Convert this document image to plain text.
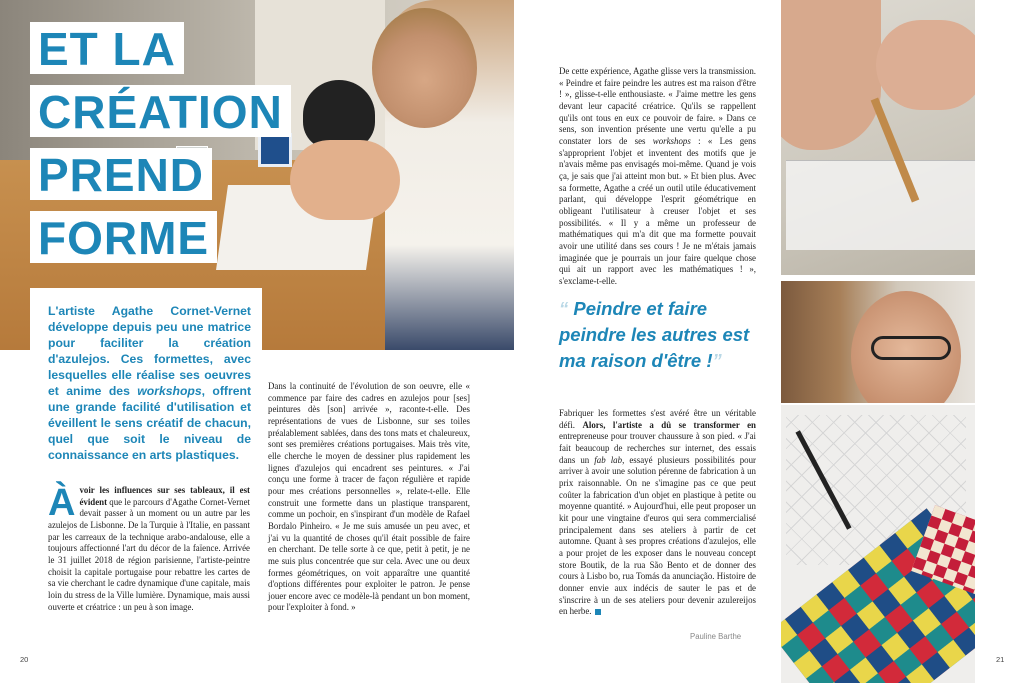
ET LA
CRÉATION
PREND
FORME
L'artiste Agathe Cornet-Vernet développe depuis peu une matrice pour faciliter la création d'azulejos. Ces formettes, avec lesquelles elle réalise ses oeuvres et anime des workshops, offrent une grande facilité d'utilisation et éveillent le sens créatif de chacun, quel que soit le niveau de connaissance en arts plastiques.
À voir les influences sur ses tableaux, il est évident que le parcours d'Agathe Cornet-Vernet devait passer à un moment ou un autre par les azulejos de Lisbonne. De la Turquie à l'Italie, en passant par les carreaux de la technique arabo-andalouse, elle a toujours affectionné l'art du décor de la faïence. Arrivée le 31 juillet 2018 de région parisienne, l'artiste-peintre choisit la capitale portugaise pour rebattre les cartes de sa vie cherchant le cadre dynamique d'une capitale, mais loin du stress de la Ville lumière. Dynamique, mais aussi ouverte et créatrice : un peu à son image.
Dans la continuité de l'évolution de son oeuvre, elle « commence par faire des cadres en azulejos pour [ses] peintures dès [son] arrivée », raconte-t-elle. Des représentations de vues de Lisbonne, sur ses toiles préalablement sablées, dans des tons mats et chaleureux, sont ses premières créations portugaises. Mais très vite, elle cherche le moyen de dessiner plus rapidement les lignes d'azulejos qui encadrent ses peintures. « J'ai conçu une forme à tracer de façon régulière et rapide pour mes créations personnelles », relate-t-elle. Elle construit une formette dans un plastique transparent, comme un pochoir, en s'inspirant d'un modèle de Rafael Bordalo Pinheiro. « Je me suis amusée un peu avec, et j'ai vu la quantité de choses qu'il était possible de faire en cherchant. De telle sorte à ce que, petit à petit, je ne me suis plus concentrée que sur cela. Avec une ou deux formes géométriques, on voit apparaître une quantité d'options différentes pour exploiter le patron. Je pense jouer encore avec ce modèle-là pendant un bon moment, pour l'exploiter à fond. »
De cette expérience, Agathe glisse vers la transmission. « Peindre et faire peindre les autres est ma raison d'être ! », glisse-t-elle enthousiaste. « J'aime mettre les gens devant leur capacité créatrice. Qu'ils se rappellent qu'ils ont tous en eux ce pouvoir de faire. » Dans ce sens, son invention présente une vertu qu'elle a pu constater lors de ses workshops : « Les gens s'approprient l'objet et inventent des motifs que je n'avais même pas envisagés moi-même. Quand je vois ça, je sais que j'ai atteint mon but. » Et bien plus. Avec sa formette, Agathe a créé un outil utile éducativement parlant, qui développe l'esprit géométrique en obligeant l'utilisateur à creuser l'objet et ses possibilités. « Il y a même un professeur de mathématiques qui m'a dit que ma formette pouvait avoir une utilité dans ses cours ! Je ne m'étais jamais imaginée que je pourrais un jour faire quelque chose qui ait un rapport avec les mathématiques ! », s'exclame-t-elle.
“ Peindre et faire peindre les autres est ma raison d'être !”
Fabriquer les formettes s'est avéré être un véritable défi. Alors, l'artiste a dû se transformer en entrepreneuse pour trouver chaussure à son pied. « J'ai fait beaucoup de recherches sur internet, des essais dans un fab lab, essayé plusieurs possibilités pour arriver à avoir une solution pérenne de fabrication à un prix raisonnable. On ne s'imagine pas ce que peut coûter la fabrication d'un objet en plastique à petite ou moyenne quantité. » Aujourd'hui, elle peut proposer un kit pour une vingtaine d'euros qui sera commercialisé principalement dans ses ateliers à partir de cet automne. Quant à ses propres créations d'azulejos, elle a pour projet de les exposer dans le nouveau concept store Boutik, de la rua São Bento et de donner des cours à Lisbo bo, rua Tomás da anunciação. Histoire de donner envie aux indécis de sauter le pas et de s'inscrire à un de ses ateliers pour devenir azulereijos en herbe.
Pauline Barthe
20	21
